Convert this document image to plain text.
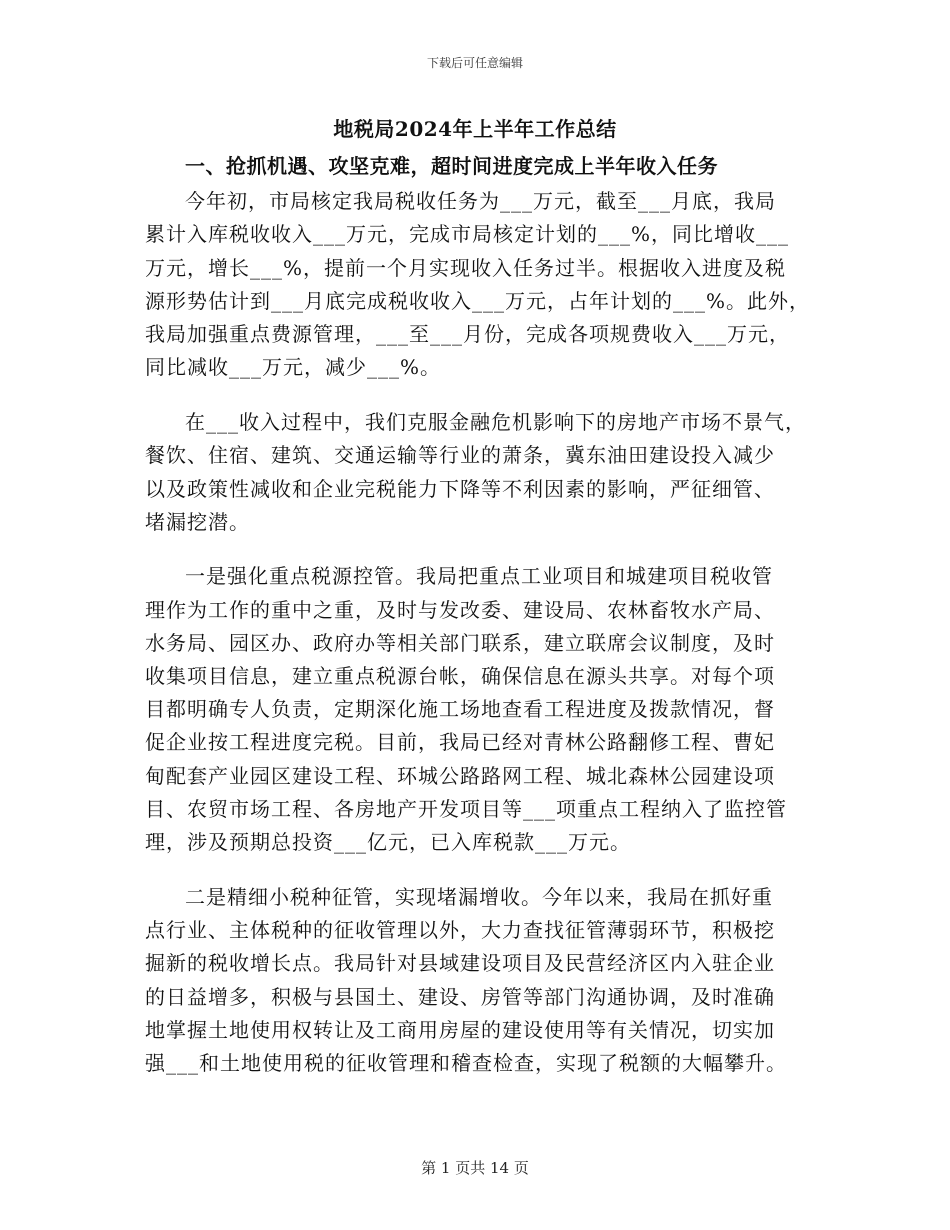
下载后可任意编辑
地税局2024年上半年工作总结
一、抢抓机遇、攻坚克难，超时间进度完成上半年收入任务
今年初，市局核定我局税收任务为___万元，截至___月底，我局
累计入库税收收入___万元，完成市局核定计划的___%，同比增收___
万元，增长___%，提前一个月实现收入任务过半。根据收入进度及税
源形势估计到___月底完成税收收入___万元，占年计划的___%。此外，
我局加强重点费源管理，___至___月份，完成各项规费收入___万元，
同比减收___万元，减少___%。
在___收入过程中，我们克服金融危机影响下的房地产市场不景气，
餐饮、住宿、建筑、交通运输等行业的萧条，冀东油田建设投入减少
以及政策性减收和企业完税能力下降等不利因素的影响，严征细管、
堵漏挖潜。
一是强化重点税源控管。我局把重点工业项目和城建项目税收管
理作为工作的重中之重，及时与发改委、建设局、农林畜牧水产局、
水务局、园区办、政府办等相关部门联系，建立联席会议制度，及时
收集项目信息，建立重点税源台帐，确保信息在源头共享。对每个项
目都明确专人负责，定期深化施工场地查看工程进度及拨款情况，督
促企业按工程进度完税。目前，我局已经对青林公路翻修工程、曹妃
甸配套产业园区建设工程、环城公路路网工程、城北森林公园建设项
目、农贸市场工程、各房地产开发项目等___项重点工程纳入了监控管
理，涉及预期总投资___亿元，已入库税款___万元。
二是精细小税种征管，实现堵漏增收。今年以来，我局在抓好重
点行业、主体税种的征收管理以外，大力查找征管薄弱环节，积极挖
掘新的税收增长点。我局针对县域建设项目及民营经济区内入驻企业
的日益增多，积极与县国土、建设、房管等部门沟通协调，及时准确
地掌握土地使用权转让及工商用房屋的建设使用等有关情况，切实加
强___和土地使用税的征收管理和稽查检查，实现了税额的大幅攀升。
第 1 页共 14 页
